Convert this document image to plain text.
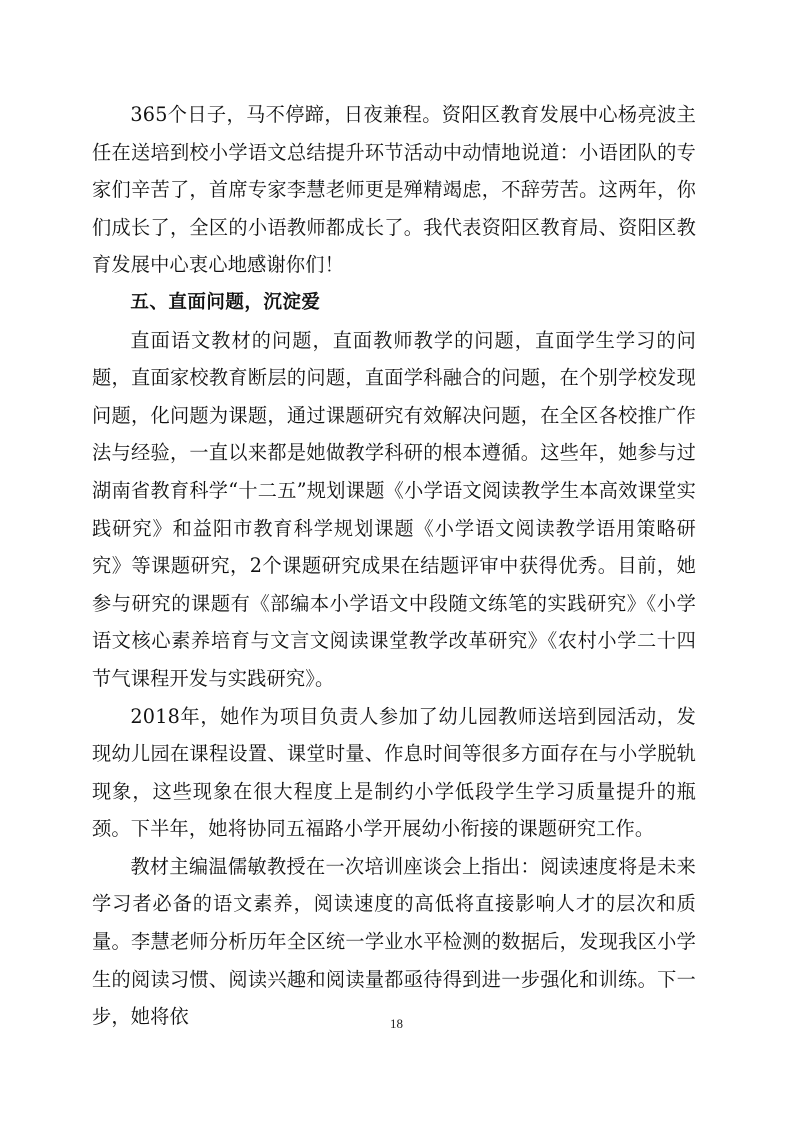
365个日子，马不停蹄，日夜兼程。资阳区教育发展中心杨亮波主任在送培到校小学语文总结提升环节活动中动情地说道：小语团队的专家们辛苦了，首席专家李慧老师更是殚精竭虑，不辞劳苦。这两年，你们成长了，全区的小语教师都成长了。我代表资阳区教育局、资阳区教育发展中心衷心地感谢你们！

五、直面问题，沉淀爱

直面语文教材的问题，直面教师教学的问题，直面学生学习的问题，直面家校教育断层的问题，直面学科融合的问题，在个别学校发现问题，化问题为课题，通过课题研究有效解决问题，在全区各校推广作法与经验，一直以来都是她做教学科研的根本遵循。这些年，她参与过湖南省教育科学“十二五”规划课题《小学语文阅读教学生本高效课堂实践研究》和益阳市教育科学规划课题《小学语文阅读教学语用策略研究》等课题研究，2个课题研究成果在结题评审中获得优秀。目前，她参与研究的课题有《部编本小学语文中段随文练笔的实践研究》《小学语文核心素养培育与文言文阅读课堂教学改革研究》《农村小学二十四节气课程开发与实践研究》。

2018年，她作为项目负责人参加了幼儿园教师送培到园活动，发现幼儿园在课程设置、课堂时量、作息时间等很多方面存在与小学脱轨现象，这些现象在很大程度上是制约小学低段学生学习质量提升的瓶颈。下半年，她将协同五福路小学开展幼小衔接的课题研究工作。

教材主编温儒敏教授在一次培训座谈会上指出：阅读速度将是未来学习者必备的语文素养，阅读速度的高低将直接影响人才的层次和质量。李慧老师分析历年全区统一学业水平检测的数据后，发现我区小学生的阅读习惯、阅读兴趣和阅读量都亟待得到进一步强化和训练。下一步，她将依	18
